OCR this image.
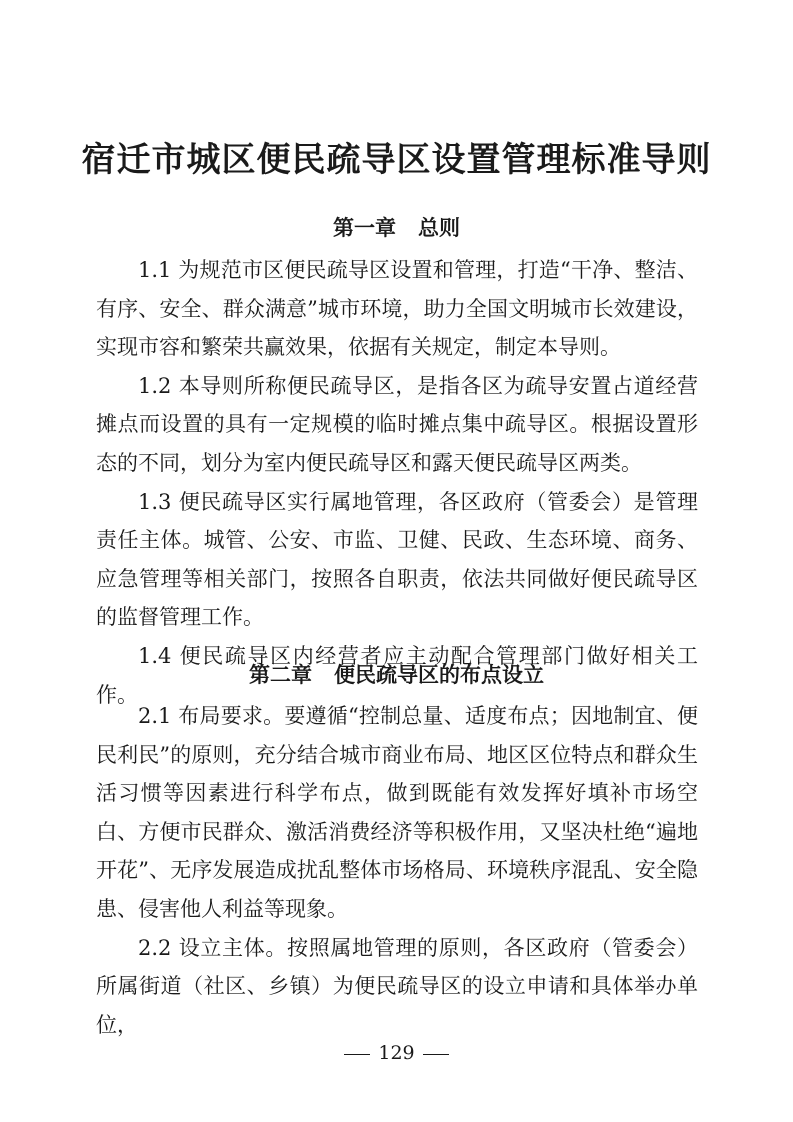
宿迁市城区便民疏导区设置管理标准导则
第一章 总则

1.1 为规范市区便民疏导区设置和管理，打造“干净、整洁、有序、安全、群众满意”城市环境，助力全国文明城市长效建设，实现市容和繁荣共赢效果，依据有关规定，制定本导则。

1.2 本导则所称便民疏导区，是指各区为疏导安置占道经营摊点而设置的具有一定规模的临时摊点集中疏导区。根据设置形态的不同，划分为室内便民疏导区和露天便民疏导区两类。

1.3 便民疏导区实行属地管理，各区政府（管委会）是管理责任主体。城管、公安、市监、卫健、民政、生态环境、商务、应急管理等相关部门，按照各自职责，依法共同做好便民疏导区的监督管理工作。

1.4 便民疏导区内经营者应主动配合管理部门做好相关工作。

第二章 便民疏导区的布点设立

2.1 布局要求。要遵循“控制总量、适度布点；因地制宜、便民利民”的原则，充分结合城市商业布局、地区区位特点和群众生活习惯等因素进行科学布点，做到既能有效发挥好填补市场空白、方便市民群众、激活消费经济等积极作用，又坚决杜绝“遍地开花”、无序发展造成扰乱整体市场格局、环境秩序混乱、安全隐患、侵害他人利益等现象。

2.2 设立主体。按照属地管理的原则，各区政府（管委会）所属街道（社区、乡镇）为便民疏导区的设立申请和具体举办单位，

129
